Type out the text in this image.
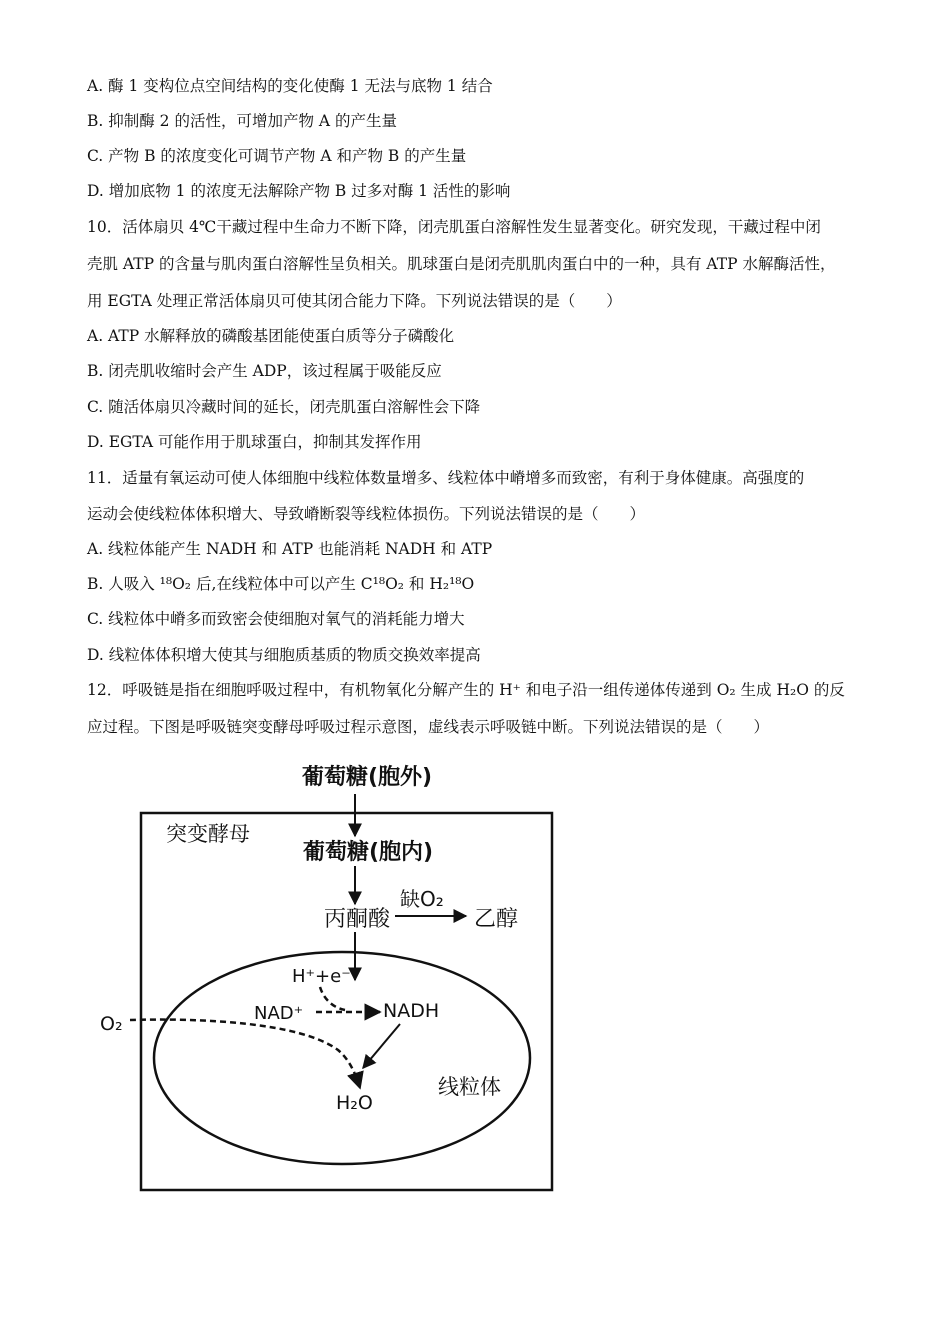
A. 酶 1 变构位点空间结构的变化使酶 1 无法与底物 1 结合
B. 抑制酶 2 的活性，可增加产物 A 的产生量
C. 产物 B 的浓度变化可调节产物 A 和产物 B 的产生量
D. 增加底物 1 的浓度无法解除产物 B 过多对酶 1 活性的影响
10．活体扇贝 4℃干藏过程中生命力不断下降，闭壳肌蛋白溶解性发生显著变化。研究发现，干藏过程中闭
壳肌 ATP 的含量与肌肉蛋白溶解性呈负相关。肌球蛋白是闭壳肌肌肉蛋白中的一种，具有 ATP 水解酶活性，
用 EGTA 处理正常活体扇贝可使其闭合能力下降。下列说法错误的是（　　）
A. ATP 水解释放的磷酸基团能使蛋白质等分子磷酸化
B. 闭壳肌收缩时会产生 ADP，该过程属于吸能反应
C. 随活体扇贝冷藏时间的延长，闭壳肌蛋白溶解性会下降
D. EGTA 可能作用于肌球蛋白，抑制其发挥作用
11．适量有氧运动可使人体细胞中线粒体数量增多、线粒体中嵴增多而致密，有利于身体健康。高强度的
运动会使线粒体体积增大、导致嵴断裂等线粒体损伤。下列说法错误的是（　　）
A. 线粒体能产生 NADH 和 ATP 也能消耗 NADH 和 ATP
B. 人吸入 ¹⁸O₂ 后,在线粒体中可以产生 C¹⁸O₂ 和 H₂¹⁸O
C. 线粒体中嵴多而致密会使细胞对氧气的消耗能力增大
D. 线粒体体积增大使其与细胞质基质的物质交换效率提高
12．呼吸链是指在细胞呼吸过程中，有机物氧化分解产生的 H⁺ 和电子沿一组传递体传递到 O₂ 生成 H₂O 的反
应过程。下图是呼吸链突变酵母呼吸过程示意图，虚线表示呼吸链中断。下列说法错误的是（　　）
葡萄糖(胞外)
突变酵母
葡萄糖(胞内)
丙酮酸
缺O₂
乙醇
H⁺+e⁻
NAD⁺	NADH
O₂
H₂O
线粒体
